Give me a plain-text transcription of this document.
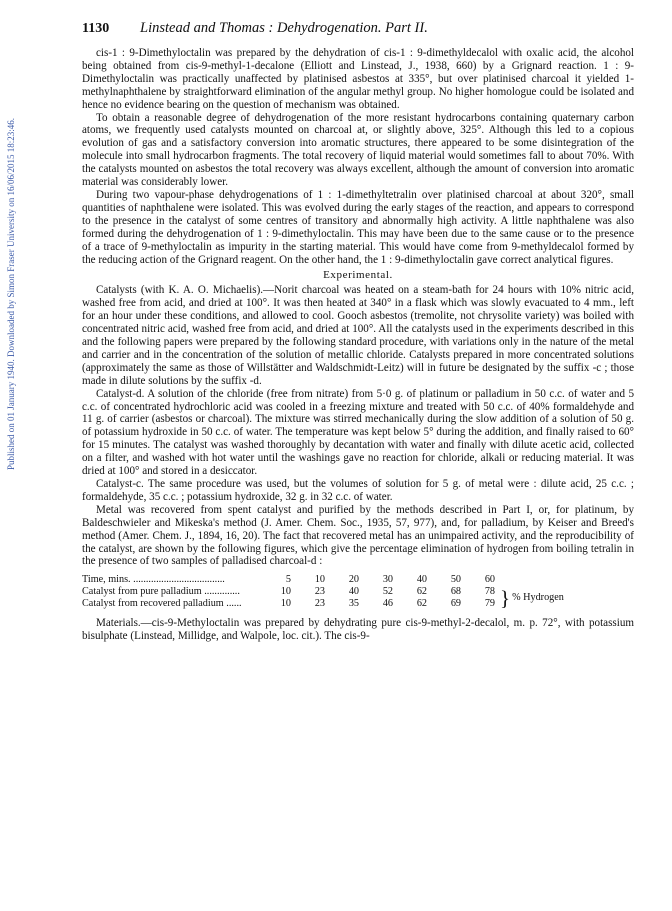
Published on 01 January 1940. Downloaded by Simon Fraser University on 16/06/2015 18:23:46.
1130	Linstead and Thomas : Dehydrogenation. Part II.

cis-1 : 9-Dimethyloctalin was prepared by the dehydration of cis-1 : 9-dimethyldecalol with oxalic acid, the alcohol being obtained from cis-9-methyl-1-decalone (Elliott and Linstead, J., 1938, 660) by a Grignard reaction. 1 : 9-Dimethyloctalin was practically unaffected by platinised asbestos at 335°, but over platinised charcoal it yielded 1-methylnaphthalene by straightforward elimination of the angular methyl group. No higher homologue could be isolated and hence no evidence bearing on the question of mechanism was obtained.

To obtain a reasonable degree of dehydrogenation of the more resistant hydrocarbons containing quaternary carbon atoms, we frequently used catalysts mounted on charcoal at, or slightly above, 325°. Although this led to a copious evolution of gas and a satisfactory conversion into aromatic structures, there appeared to be some disintegration of the molecule into small hydrocarbon fragments. The total recovery of liquid material would sometimes fall to about 70%. With the catalysts mounted on asbestos the total recovery was always excellent, although the amount of conversion into aromatic material was considerably lower.

During two vapour-phase dehydrogenations of 1 : 1-dimethyltetralin over platinised charcoal at about 320°, small quantities of naphthalene were isolated. This was evolved during the early stages of the reaction, and appears to correspond to the presence in the catalyst of some centres of transitory and abnormally high activity. A little naphthalene was also formed during the dehydrogenation of 1 : 9-dimethyloctalin. This may have been due to the same cause or to the presence of a trace of 9-methyloctalin as impurity in the starting material. This would have come from 9-methyldecalol formed by the reducing action of the Grignard reagent. On the other hand, the 1 : 9-dimethyloctalin gave correct analytical figures.

Experimental.

Catalysts (with K. A. O. Michaelis).—Norit charcoal was heated on a steam-bath for 24 hours with 10% nitric acid, washed free from acid, and dried at 100°. It was then heated at 340° in a flask which was slowly evacuated to 4 mm., left for an hour under these conditions, and allowed to cool. Gooch asbestos (tremolite, not chrysolite variety) was boiled with concentrated nitric acid, washed free from acid, and dried at 100°. All the catalysts used in the experiments described in this and the following papers were prepared by the following standard procedure, with variations only in the nature of the metal and carrier and in the concentration of the solution of metallic chloride. Catalysts prepared in more concentrated solutions (approximately the same as those of Willstätter and Waldschmidt-Leitz) will in future be designated by the suffix -c ; those made in dilute solutions by the suffix -d.

Catalyst-d. A solution of the chloride (free from nitrate) from 5·0 g. of platinum or palladium in 50 c.c. of water and 5 c.c. of concentrated hydrochloric acid was cooled in a freezing mixture and treated with 50 c.c. of 40% formaldehyde and 11 g. of carrier (asbestos or charcoal). The mixture was stirred mechanically during the slow addition of a solution of 50 g. of potassium hydroxide in 50 c.c. of water. The temperature was kept below 5° during the addition, and finally raised to 60° for 15 minutes. The catalyst was washed thoroughly by decantation with water and finally with dilute acetic acid, collected on a filter, and washed with hot water until the washings gave no reaction for chloride, alkali or reducing material. It was dried at 100° and stored in a desiccator.

Catalyst-c. The same procedure was used, but the volumes of solution for 5 g. of metal were : dilute acid, 25 c.c. ; formaldehyde, 35 c.c. ; potassium hydroxide, 32 g. in 32 c.c. of water.

Metal was recovered from spent catalyst and purified by the methods described in Part I, or, for platinum, by Baldeschwieler and Mikeska's method (J. Amer. Chem. Soc., 1935, 57, 977), and, for palladium, by Keiser and Breed's method (Amer. Chem. J., 1894, 16, 20). The fact that recovered metal has an unimpaired activity, and the reproducibility of the catalyst, are shown by the following figures, which give the percentage elimination of hydrogen from boiling tetralin in the presence of two samples of palladised charcoal-d :

Time, mins. ....................................	5	10	20	30	40	50	60	
Catalyst from pure palladium ..............	10	23	40	52	62	68	78	} % Hydrogen
Catalyst from recovered palladium ......	10	23	35	46	62	69	79	

Materials.—cis-9-Methyloctalin was prepared by dehydrating pure cis-9-methyl-2-decalol, m. p. 72°, with potassium bisulphate (Linstead, Millidge, and Walpole, loc. cit.). The cis-9-
